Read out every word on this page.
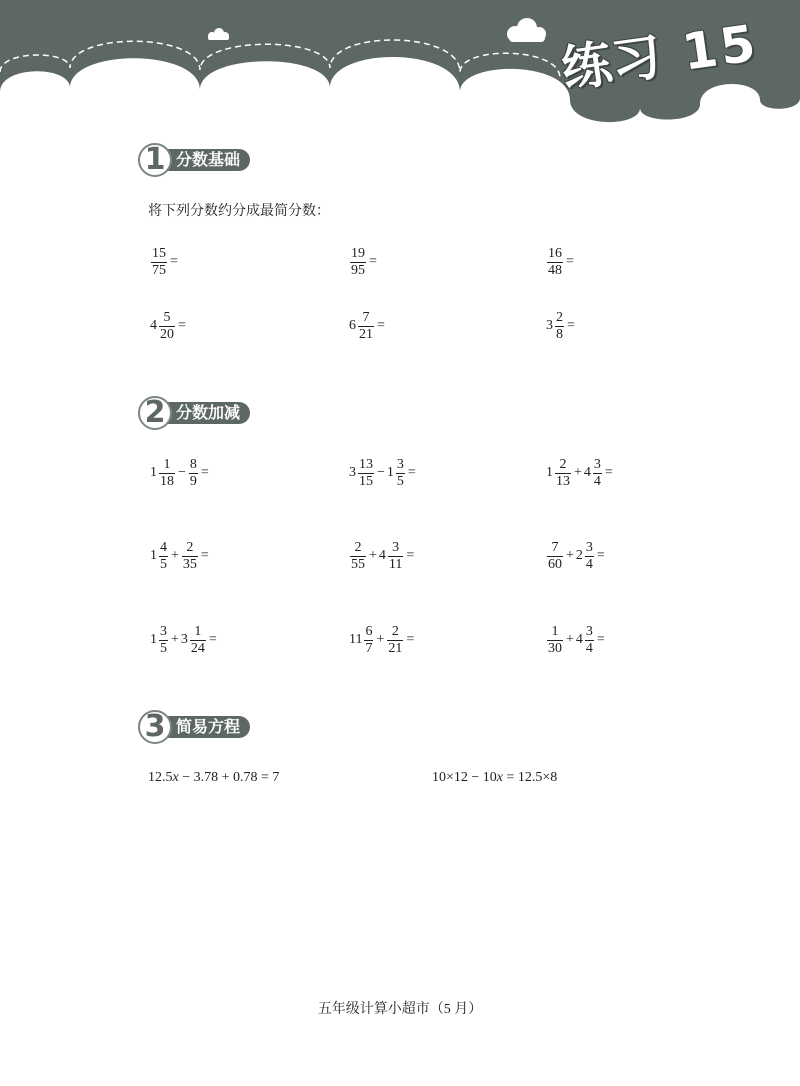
练习 15
1 分数基础
将下列分数约分成最简分数：
$\frac{15}{75}$ =	$\frac{19}{95}$ =	$\frac{16}{48}$ =
$4 \frac{5}{20}$ =	$6 \frac{7}{21}$ =	$3 \frac{2}{8}$ =
2 分数加减
$1 \frac{1}{18} - \frac{8}{9}$ =	$3 \frac{13}{15} - 1 \frac{3}{5}$ =	$1 \frac{2}{13} + 4 \frac{3}{4}$ =
$1 \frac{4}{5} + \frac{2}{35}$ =	$\frac{2}{55} + 4 \frac{3}{11}$ =	$\frac{7}{60} + 2 \frac{3}{4}$ =
$1 \frac{3}{5} + 3 \frac{1}{24}$ =	$11 \frac{6}{7} + \frac{2}{21}$ =	$\frac{1}{30} + 4 \frac{3}{4}$ =
3 简易方程
12.5 x − 3.78 + 0.78 = 7	10×12 − 10 x = 12.5×8
五年级计算小超市（5 月）
